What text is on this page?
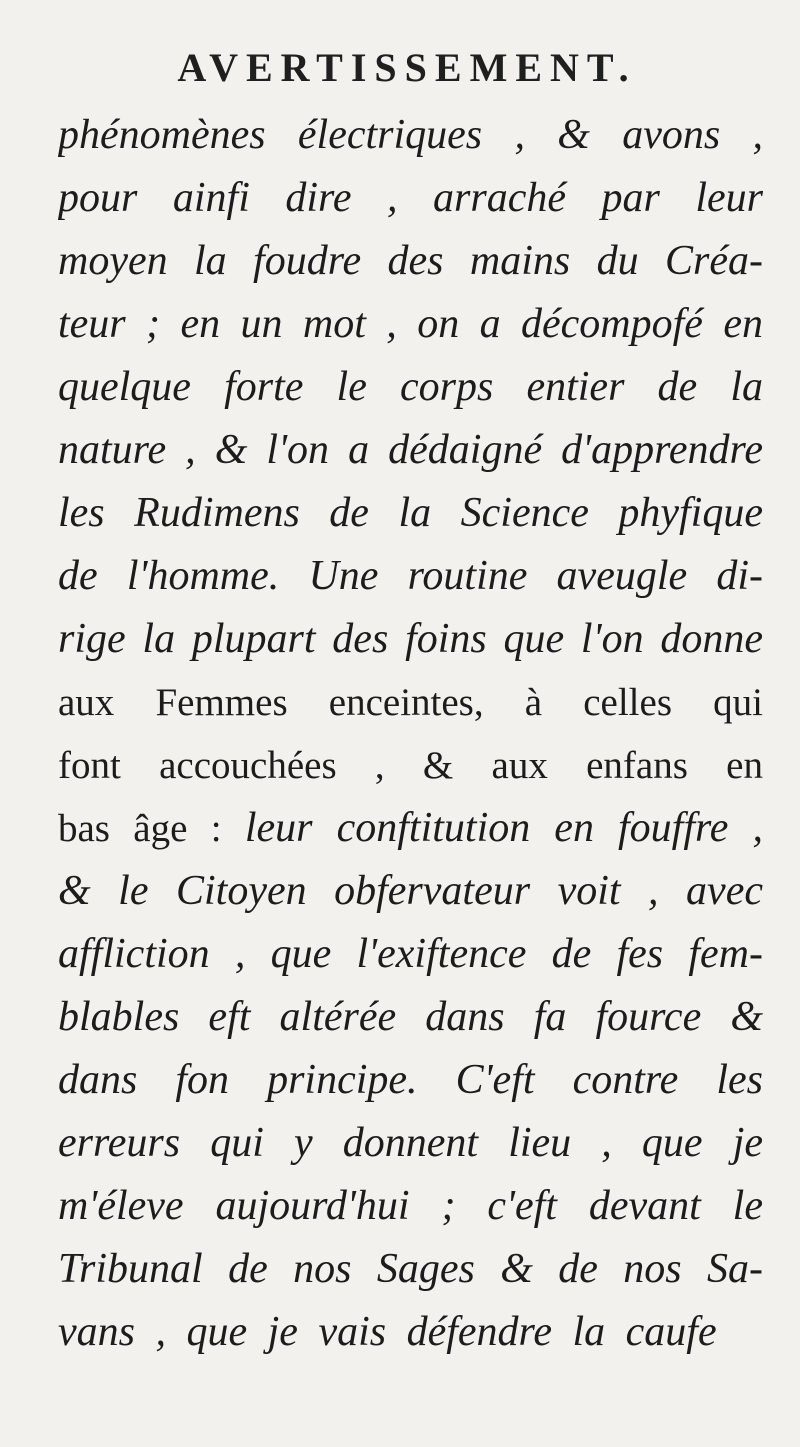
AVERTISSEMENT.
phénomènes électriques , & avons ,
pour ainfi dire , arraché par leur
moyen la foudre des mains du Créa-
teur ; en un mot , on a décompofé en
quelque forte le corps entier de la
nature , & l'on a dédaigné d'apprendre
les Rudimens de la Science phyfique
de l'homme. Une routine aveugle di-
rige la plupart des foins que l'on donne
aux Femmes enceintes, à celles qui
font accouchées , & aux enfans en
bas âge : leur conftitution en fouffre ,
& le Citoyen obfervateur voit , avec
affliction , que l'exiftence de fes fem-
blables eft altérée dans fa fource &
dans fon principe. C'eft contre les
erreurs qui y donnent lieu , que je
m'éleve aujourd'hui ; c'eft devant le
Tribunal de nos Sages & de nos Sa-
vans , que je vais défendre la caufe
